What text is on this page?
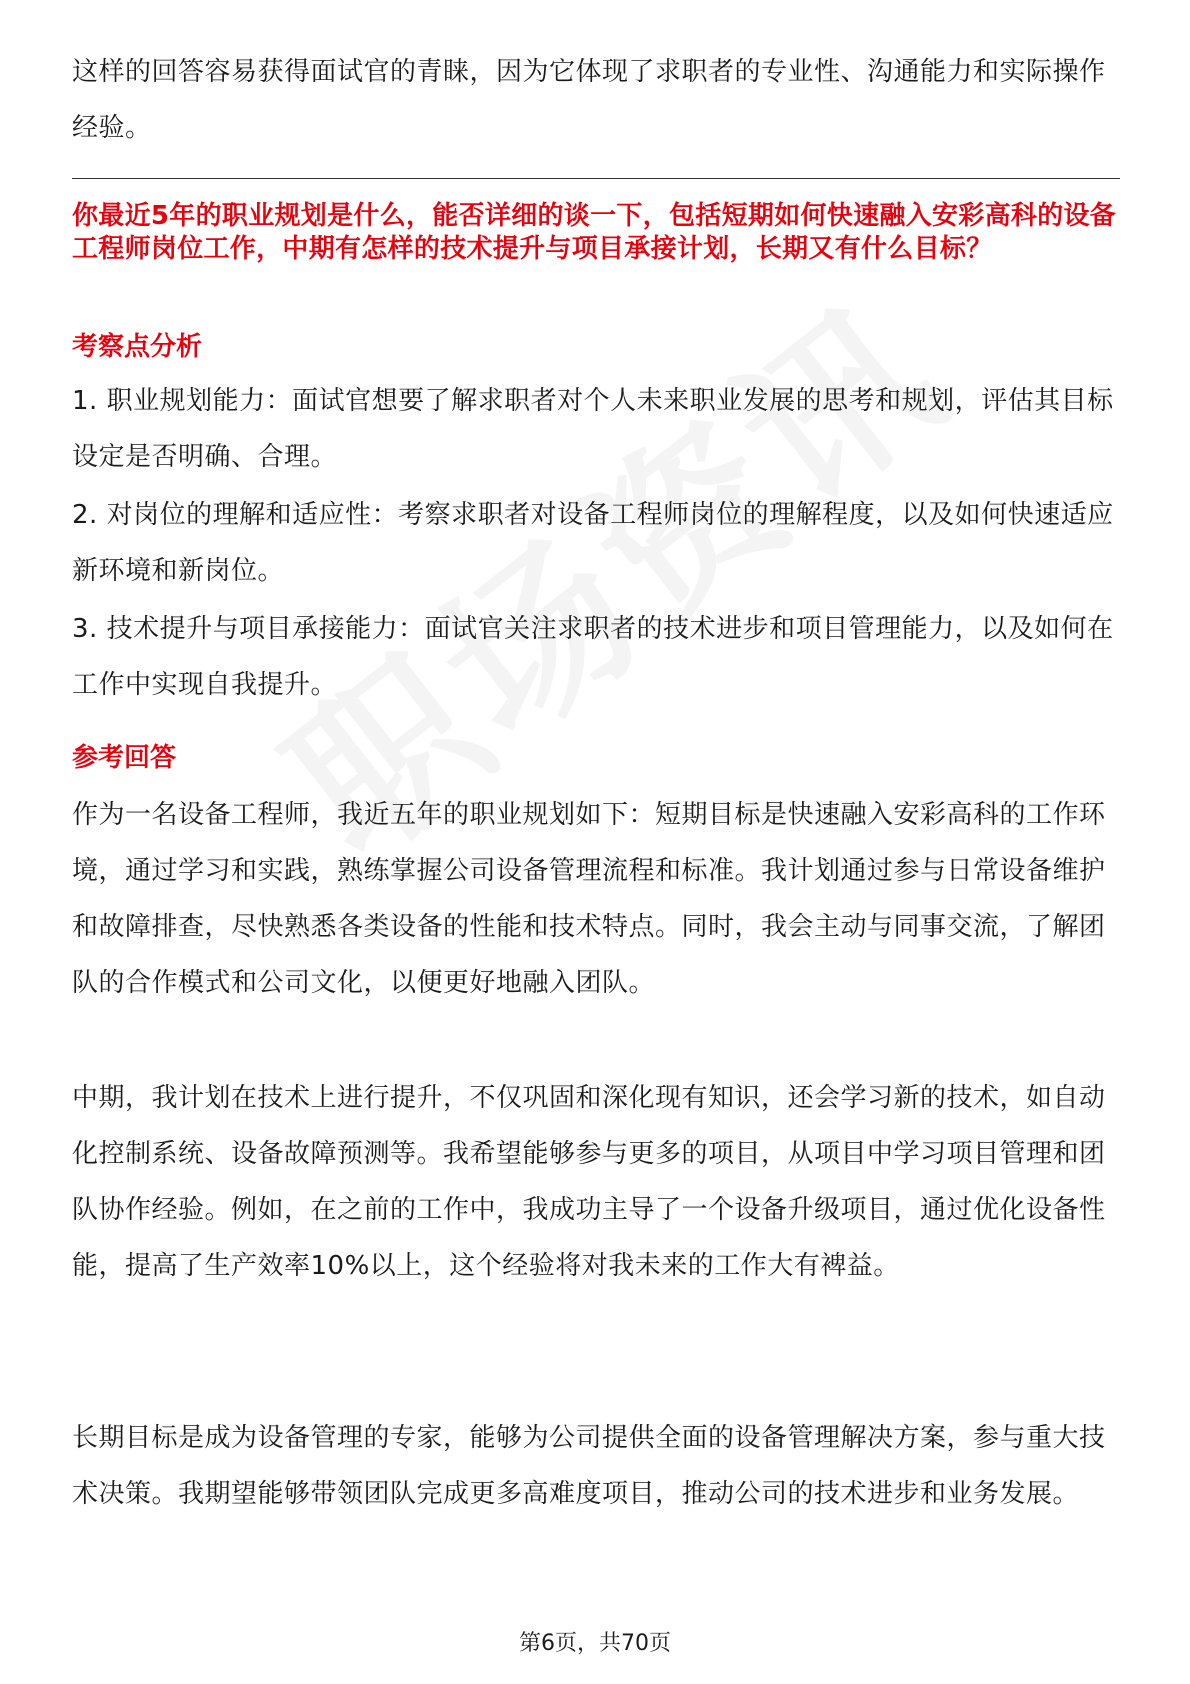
这样的回答容易获得面试官的青睐，因为它体现了求职者的专业性、沟通能力和实际操作经验。

你最近5年的职业规划是什么，能否详细的谈一下，包括短期如何快速融入安彩高科的设备工程师岗位工作，中期有怎样的技术提升与项目承接计划，长期又有什么目标？

考察点分析

1. 职业规划能力：面试官想要了解求职者对个人未来职业发展的思考和规划，评估其目标设定是否明确、合理。

2. 对岗位的理解和适应性：考察求职者对设备工程师岗位的理解程度，以及如何快速适应新环境和新岗位。

3. 技术提升与项目承接能力：面试官关注求职者的技术进步和项目管理能力，以及如何在工作中实现自我提升。

参考回答

作为一名设备工程师，我近五年的职业规划如下：短期目标是快速融入安彩高科的工作环境，通过学习和实践，熟练掌握公司设备管理流程和标准。我计划通过参与日常设备维护和故障排查，尽快熟悉各类设备的性能和技术特点。同时，我会主动与同事交流，了解团队的合作模式和公司文化，以便更好地融入团队。

中期，我计划在技术上进行提升，不仅巩固和深化现有知识，还会学习新的技术，如自动化控制系统、设备故障预测等。我希望能够参与更多的项目，从项目中学习项目管理和团队协作经验。例如，在之前的工作中，我成功主导了一个设备升级项目，通过优化设备性能，提高了生产效率10%以上，这个经验将对我未来的工作大有裨益。

长期目标是成为设备管理的专家，能够为公司提供全面的设备管理解决方案，参与重大技术决策。我期望能够带领团队完成更多高难度项目，推动公司的技术进步和业务发展。

第6页，共70页
